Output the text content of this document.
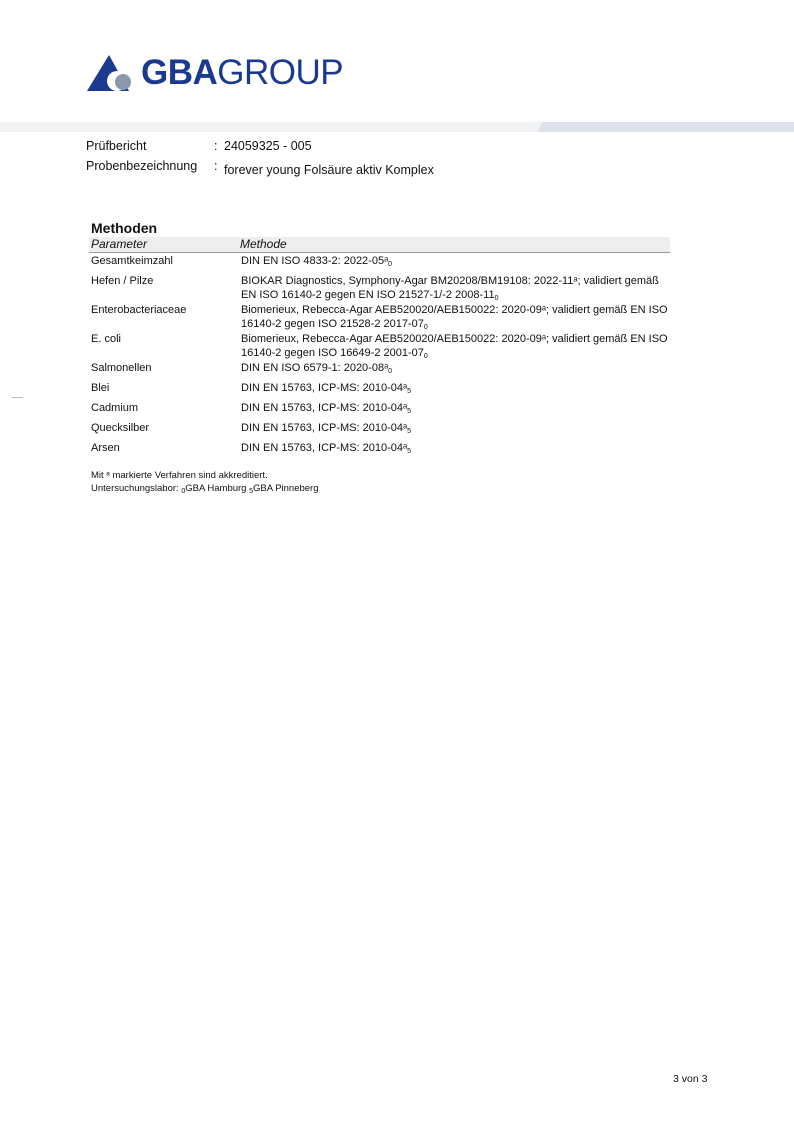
GBAGROUP
Prüfbericht	: 24059325 - 005
Probenbezeichnung : forever young Folsäure aktiv Komplex
Methoden
Parameter	Methode
Gesamtkeimzahl	DIN EN ISO 4833-2: 2022-05ᵃ$_0$
Hefen / Pilze	BIOKAR Diagnostics, Symphony-Agar BM20208/BM19108: 2022-11ᵃ; validiert gemäß EN ISO 16140-2 gegen EN ISO 21527-1/-2 $2008-11_0$
Enterobacteriaceae	Biomerieux, Rebecca-Agar AEB520020/AEB150022: 2020-09ᵃ; validiert gemäß EN ISO 16140-2 gegen ISO 21528-2 $2017-07_0$
E. coli	Biomerieux, Rebecca-Agar AEB520020/AEB150022: 2020-09ᵃ; validiert gemäß EN ISO 16140-2 gegen ISO 16649-2 $2001-07_0$
Salmonellen	DIN EN ISO 6579-1: 2020-08ᵃ$_0$
Blei	DIN EN 15763, ICP-MS: 2010-04ᵃ$_5$
Cadmium	DIN EN 15763, ICP-MS: 2010-04ᵃ$_5$
Quecksilber	DIN EN 15763, ICP-MS: 2010-04ᵃ$_5$
Arsen	DIN EN 15763, ICP-MS: 2010-04ᵃ$_5$
Mit ᵃ markierte Verfahren sind akkreditiert.
Untersuchungslabor: $_0$GBA Hamburg $_5$GBA Pinneberg
3 von 3
